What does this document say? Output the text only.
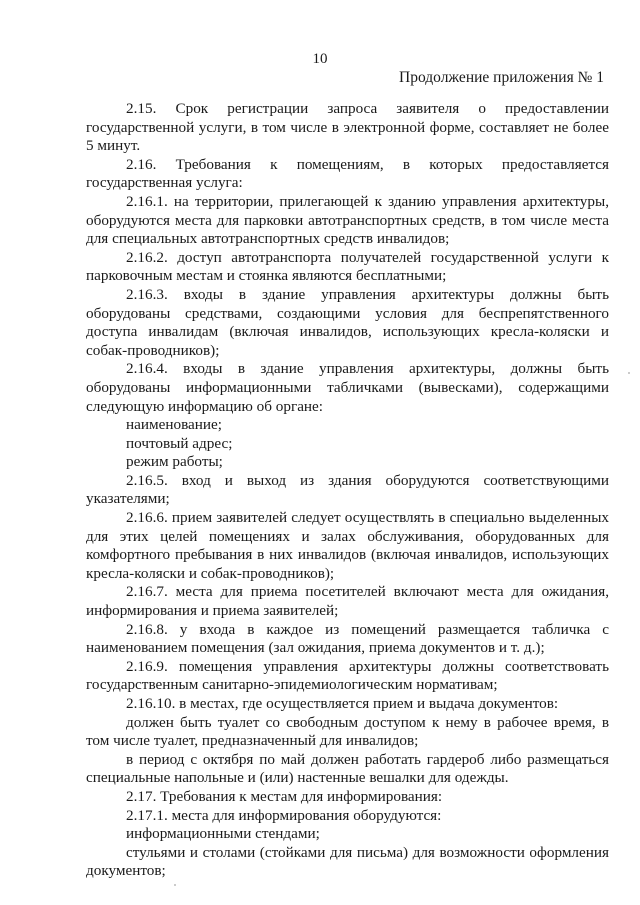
10
Продолжение приложения № 1

2.15. Срок регистрации запроса заявителя о предоставлении государственной услуги, в том числе в электронной форме, составляет не более 5 минут.

2.16. Требования к помещениям, в которых предоставляется государственная услуга:

2.16.1. на территории, прилегающей к зданию управления архитектуры, оборудуются места для парковки автотранспортных средств, в том числе места для специальных автотранспортных средств инвалидов;

2.16.2. доступ автотранспорта получателей государственной услуги к парковочным местам и стоянка являются бесплатными;

2.16.3. входы в здание управления архитектуры должны быть оборудованы средствами, создающими условия для беспрепятственного доступа инвалидам (включая инвалидов, использующих кресла-коляски и собак-проводников);

2.16.4. входы в здание управления архитектуры, должны быть оборудованы информационными табличками (вывесками), содержащими следующую информацию об органе:

наименование;

почтовый адрес;

режим работы;

2.16.5. вход и выход из здания оборудуются соответствующими указателями;

2.16.6. прием заявителей следует осуществлять в специально выделенных для этих целей помещениях и залах обслуживания, оборудованных для комфортного пребывания в них инвалидов (включая инвалидов, использующих кресла-коляски и собак-проводников);

2.16.7. места для приема посетителей включают места для ожидания, информирования и приема заявителей;

2.16.8. у входа в каждое из помещений размещается табличка с наименованием помещения (зал ожидания, приема документов и т. д.);

2.16.9. помещения управления архитектуры должны соответствовать государственным санитарно-эпидемиологическим нормативам;

2.16.10. в местах, где осуществляется прием и выдача документов:

должен быть туалет со свободным доступом к нему в рабочее время, в том числе туалет, предназначенный для инвалидов;

в период с октября по май должен работать гардероб либо размещаться специальные напольные и (или) настенные вешалки для одежды.

2.17. Требования к местам для информирования:

2.17.1. места для информирования оборудуются:

информационными стендами;

стульями и столами (стойками для письма) для возможности оформления документов;
